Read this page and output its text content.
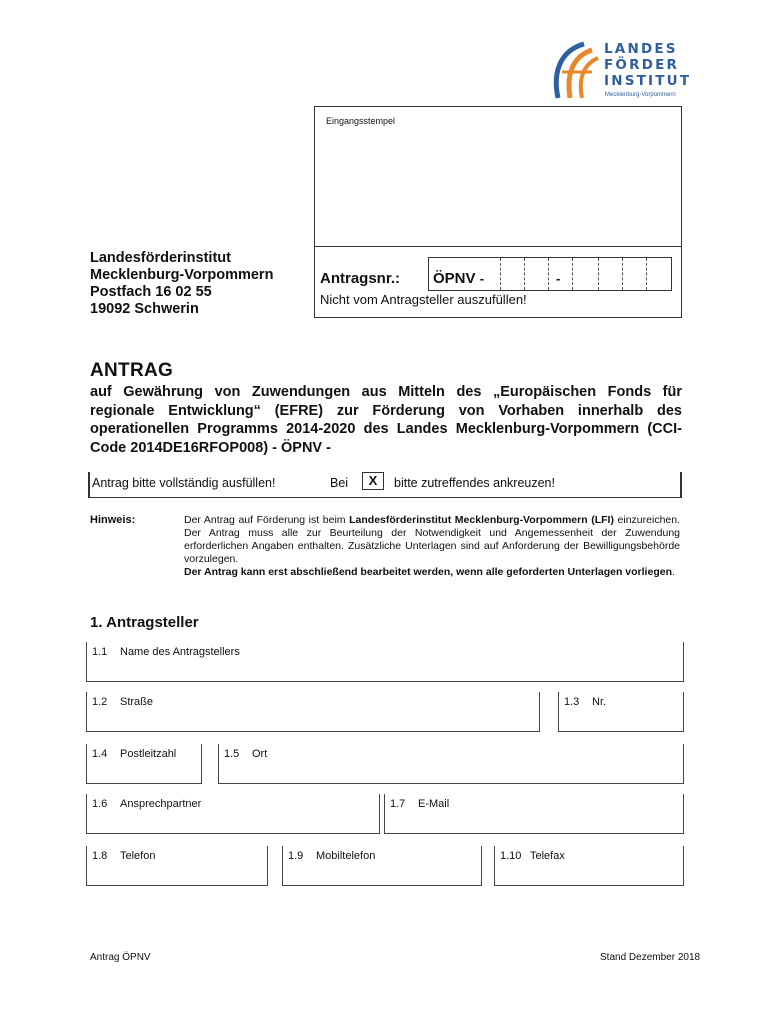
LANDES
FÖRDER
INSTITUT
Mecklenburg-Vorpommern
Eingangsstempel
Antragsnr.: ÖPNV -	-
Nicht vom Antragsteller auszufüllen!
Landesförderinstitut
Mecklenburg-Vorpommern
Postfach 16 02 55
19092 Schwerin
ANTRAG
auf Gewährung von Zuwendungen aus Mitteln des „Europäischen Fonds für regionale Entwicklung“ (EFRE) zur Förderung von Vorhaben innerhalb des operationellen Programms 2014-2020 des Landes Mecklenburg-Vorpommern (CCI-Code 2014DE16RFOP008) - ÖPNV -
Antrag bitte vollständig ausfüllen!	Bei	X	bitte zutreffendes ankreuzen!
Hinweis:	Der Antrag auf Förderung ist beim Landesförderinstitut Mecklenburg-Vorpommern (LFI) einzureichen. Der Antrag muss alle zur Beurteilung der Notwendigkeit und Angemessenheit der Zuwendung erforderlichen Angaben enthalten. Zusätzliche Unterlagen sind auf Anforderung der Bewilligungsbehörde vorzulegen.
Der Antrag kann erst abschließend bearbeitet werden, wenn alle geforderten Unterlagen vorliegen.
1. Antragsteller
1.1 Name des Antragstellers
1.2 Straße	1.3 Nr.
1.4 Postleitzahl	1.5 Ort
1.6 Ansprechpartner	1.7 E-Mail
1.8 Telefon	1.9 Mobiltelefon	1.10 Telefax
Antrag ÖPNV	Stand Dezember 2018
